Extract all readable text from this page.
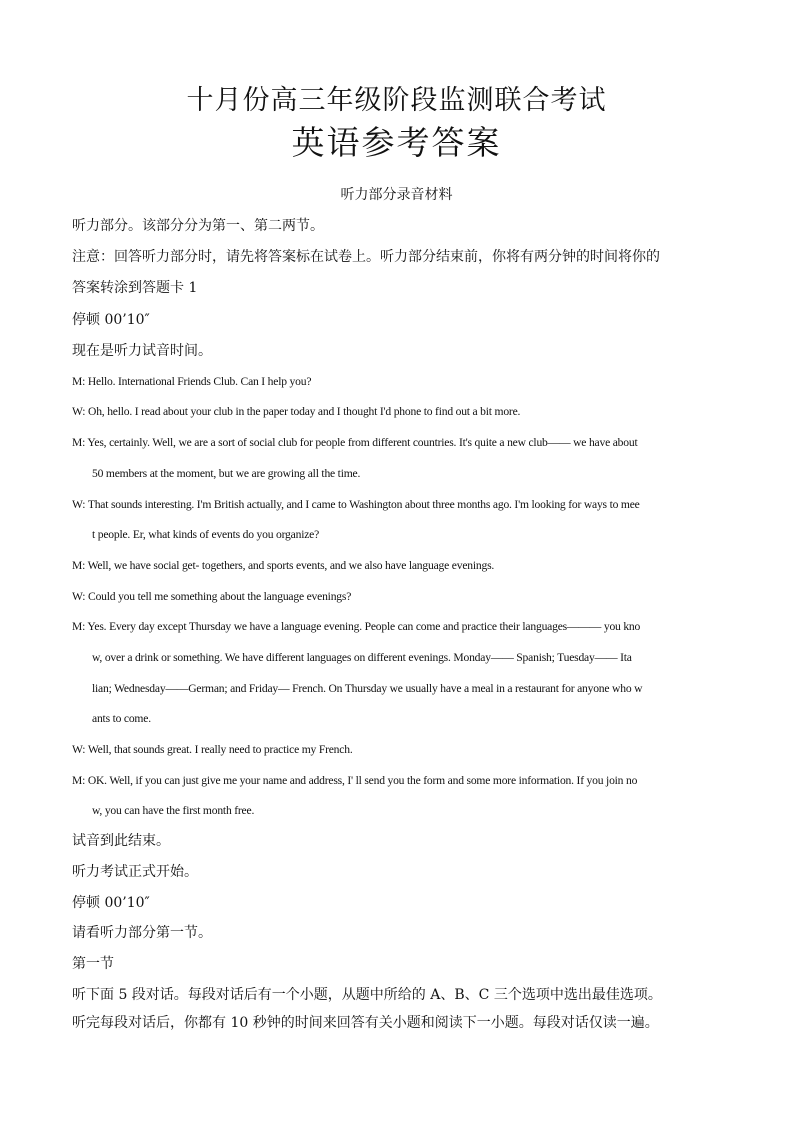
十月份高三年级阶段监测联合考试
英语参考答案
听力部分录音材料
听力部分。该部分分为第一、第二两节。
注意：回答听力部分时，请先将答案标在试卷上。听力部分结束前，你将有两分钟的时间将你的
答案转涂到答题卡 1
停顿 00’10″
现在是听力试音时间。
M: Hello. International Friends Club. Can I help you?
W: Oh, hello. I read about your club in the paper today and I thought I'd phone to find out a bit more.
M: Yes, certainly. Well, we are a sort of social club for people from different countries. It's quite a new club—— we have about
50 members at the moment, but we are growing all the time.
W: That sounds interesting. I'm British actually, and I came to Washington about three months ago. I'm looking for ways to mee
t people. Er, what kinds of events do you organize?
M: Well, we have social get- togethers, and sports events, and we also have language evenings.
W: Could you tell me something about the language evenings?
M: Yes. Every day except Thursday we have a language evening. People can come and practice their languages——— you kno
w, over a drink or something. We have different languages on different evenings. Monday—— Spanish; Tuesday—— Ita
lian; Wednesday——German; and Friday— French. On Thursday we usually have a meal in a restaurant for anyone who w
ants to come.
W: Well, that sounds great. I really need to practice my French.
M: OK. Well, if you can just give me your name and address, I' ll send you the form and some more information. If you join no
w, you can have the first month free.
试音到此结束。
听力考试正式开始。
停顿 00’10″
请看听力部分第一节。
第一节
听下面 5 段对话。每段对话后有一个小题，从题中所给的 A、B、C 三个选项中选出最佳选项。
听完每段对话后，你都有 10 秒钟的时间来回答有关小题和阅读下一小题。每段对话仅读一遍。
